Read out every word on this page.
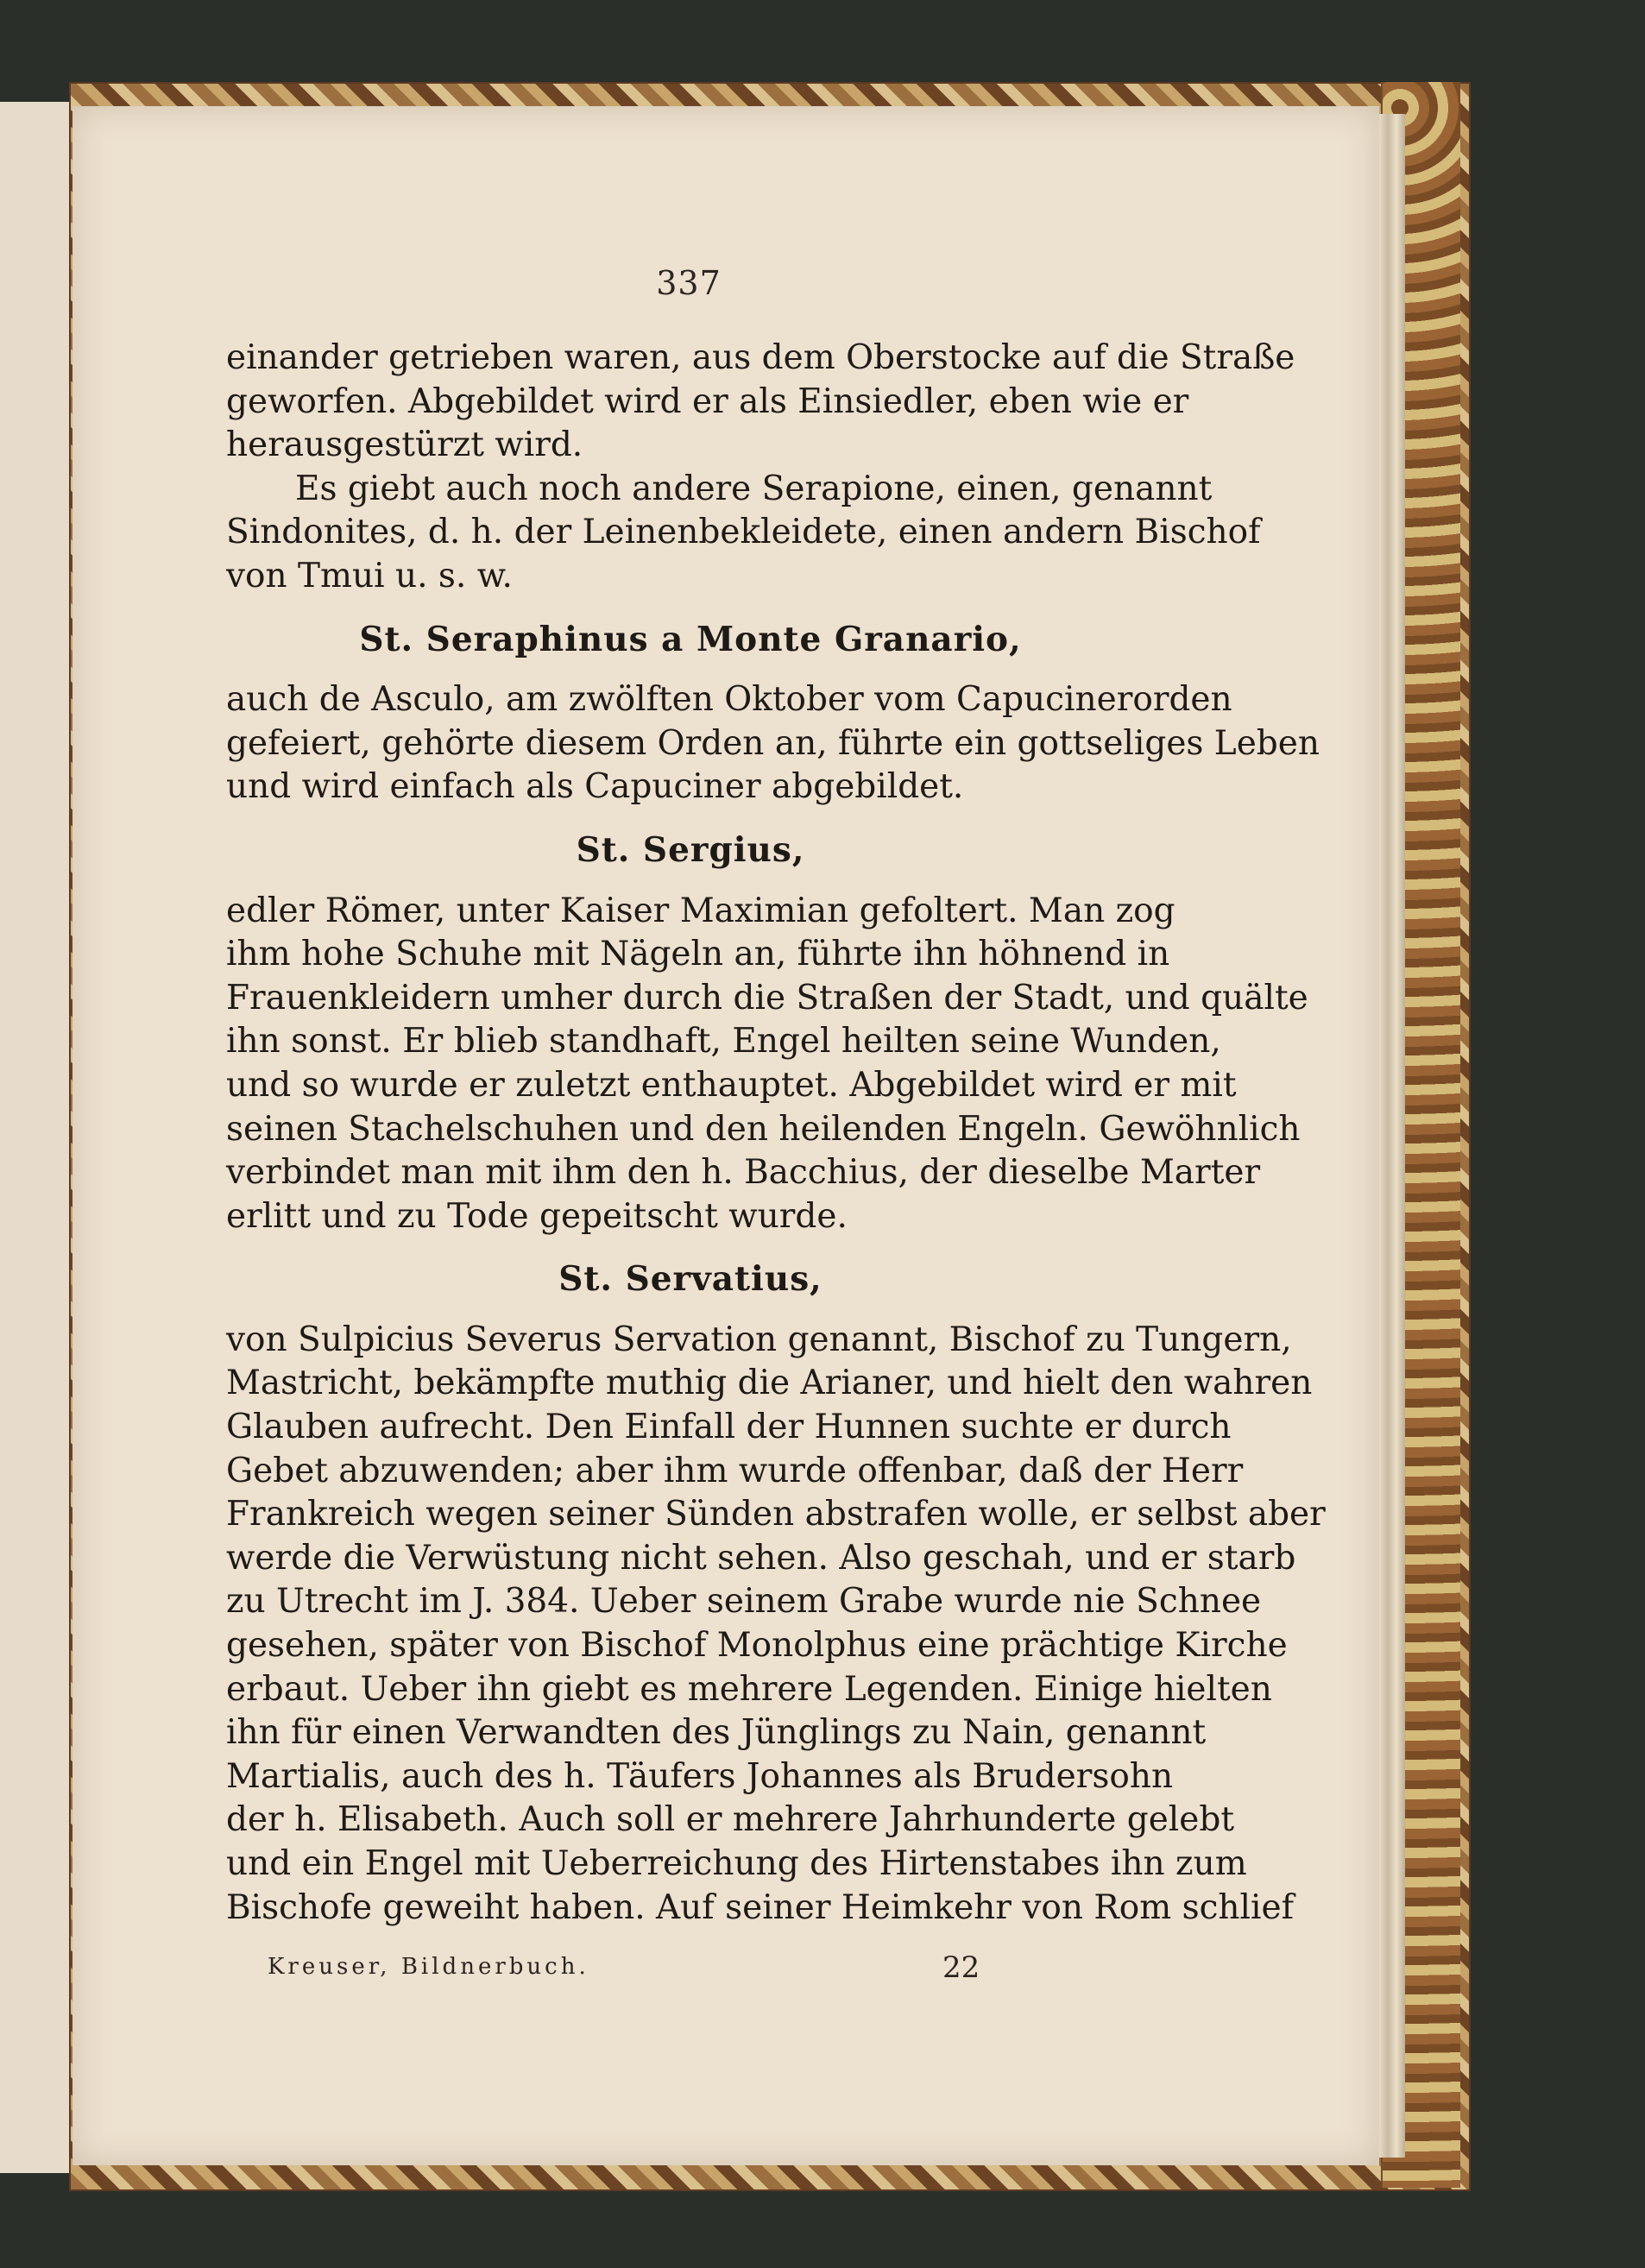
337
einander getrieben waren, aus dem Oberstocke auf die Straße
geworfen. Abgebildet wird er als Einsiedler, eben wie er
herausgestürzt wird.
Es giebt auch noch andere Serapione, einen, genannt
Sindonites, d. h. der Leinenbekleidete, einen andern Bischof
von Tmui u. s. w.
St. Seraphinus a Monte Granario,
auch de Asculo, am zwölften Oktober vom Capucinerorden
gefeiert, gehörte diesem Orden an, führte ein gottseliges Leben
und wird einfach als Capuciner abgebildet.
St. Sergius,
edler Römer, unter Kaiser Maximian gefoltert. Man zog
ihm hohe Schuhe mit Nägeln an, führte ihn höhnend in
Frauenkleidern umher durch die Straßen der Stadt, und quälte
ihn sonst. Er blieb standhaft, Engel heilten seine Wunden,
und so wurde er zuletzt enthauptet. Abgebildet wird er mit
seinen Stachelschuhen und den heilenden Engeln. Gewöhnlich
verbindet man mit ihm den h. Bacchius, der dieselbe Marter
erlitt und zu Tode gepeitscht wurde.
St. Servatius,
von Sulpicius Severus Servation genannt, Bischof zu Tungern,
Mastricht, bekämpfte muthig die Arianer, und hielt den wahren
Glauben aufrecht. Den Einfall der Hunnen suchte er durch
Gebet abzuwenden; aber ihm wurde offenbar, daß der Herr
Frankreich wegen seiner Sünden abstrafen wolle, er selbst aber
werde die Verwüstung nicht sehen. Also geschah, und er starb
zu Utrecht im J. 384. Ueber seinem Grabe wurde nie Schnee
gesehen, später von Bischof Monolphus eine prächtige Kirche
erbaut. Ueber ihn giebt es mehrere Legenden. Einige hielten
ihn für einen Verwandten des Jünglings zu Nain, genannt
Martialis, auch des h. Täufers Johannes als Brudersohn
der h. Elisabeth. Auch soll er mehrere Jahrhunderte gelebt
und ein Engel mit Ueberreichung des Hirtenstabes ihn zum
Bischofe geweiht haben. Auf seiner Heimkehr von Rom schlief
Kreuser, Bildnerbuch.	22
